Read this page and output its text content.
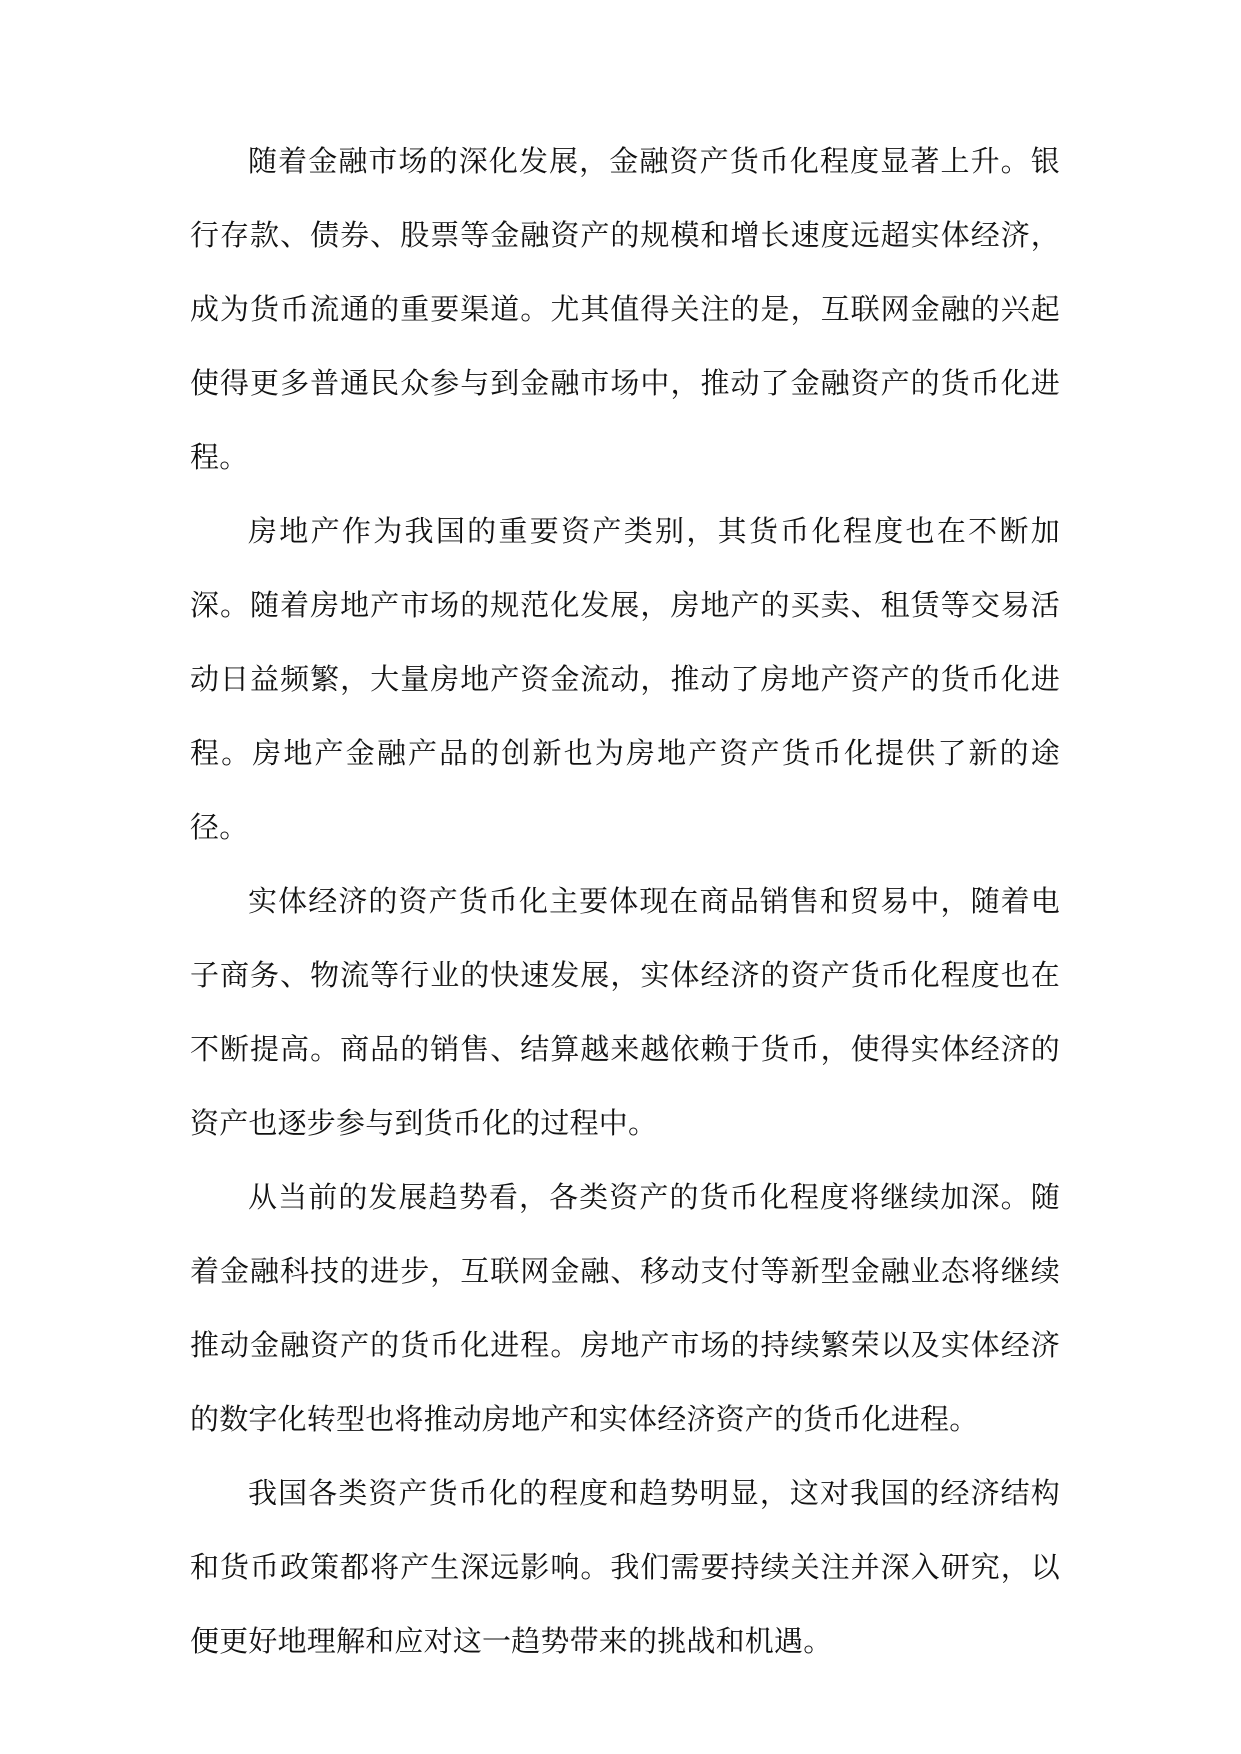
随着金融市场的深化发展，金融资产货币化程度显著上升。银行存款、债券、股票等金融资产的规模和增长速度远超实体经济，成为货币流通的重要渠道。尤其值得关注的是，互联网金融的兴起使得更多普通民众参与到金融市场中，推动了金融资产的货币化进程。

房地产作为我国的重要资产类别，其货币化程度也在不断加深。随着房地产市场的规范化发展，房地产的买卖、租赁等交易活动日益频繁，大量房地产资金流动，推动了房地产资产的货币化进程。房地产金融产品的创新也为房地产资产货币化提供了新的途径。

实体经济的资产货币化主要体现在商品销售和贸易中，随着电子商务、物流等行业的快速发展，实体经济的资产货币化程度也在不断提高。商品的销售、结算越来越依赖于货币，使得实体经济的资产也逐步参与到货币化的过程中。

从当前的发展趋势看，各类资产的货币化程度将继续加深。随着金融科技的进步，互联网金融、移动支付等新型金融业态将继续推动金融资产的货币化进程。房地产市场的持续繁荣以及实体经济的数字化转型也将推动房地产和实体经济资产的货币化进程。

我国各类资产货币化的程度和趋势明显，这对我国的经济结构和货币政策都将产生深远影响。我们需要持续关注并深入研究，以便更好地理解和应对这一趋势带来的挑战和机遇。
